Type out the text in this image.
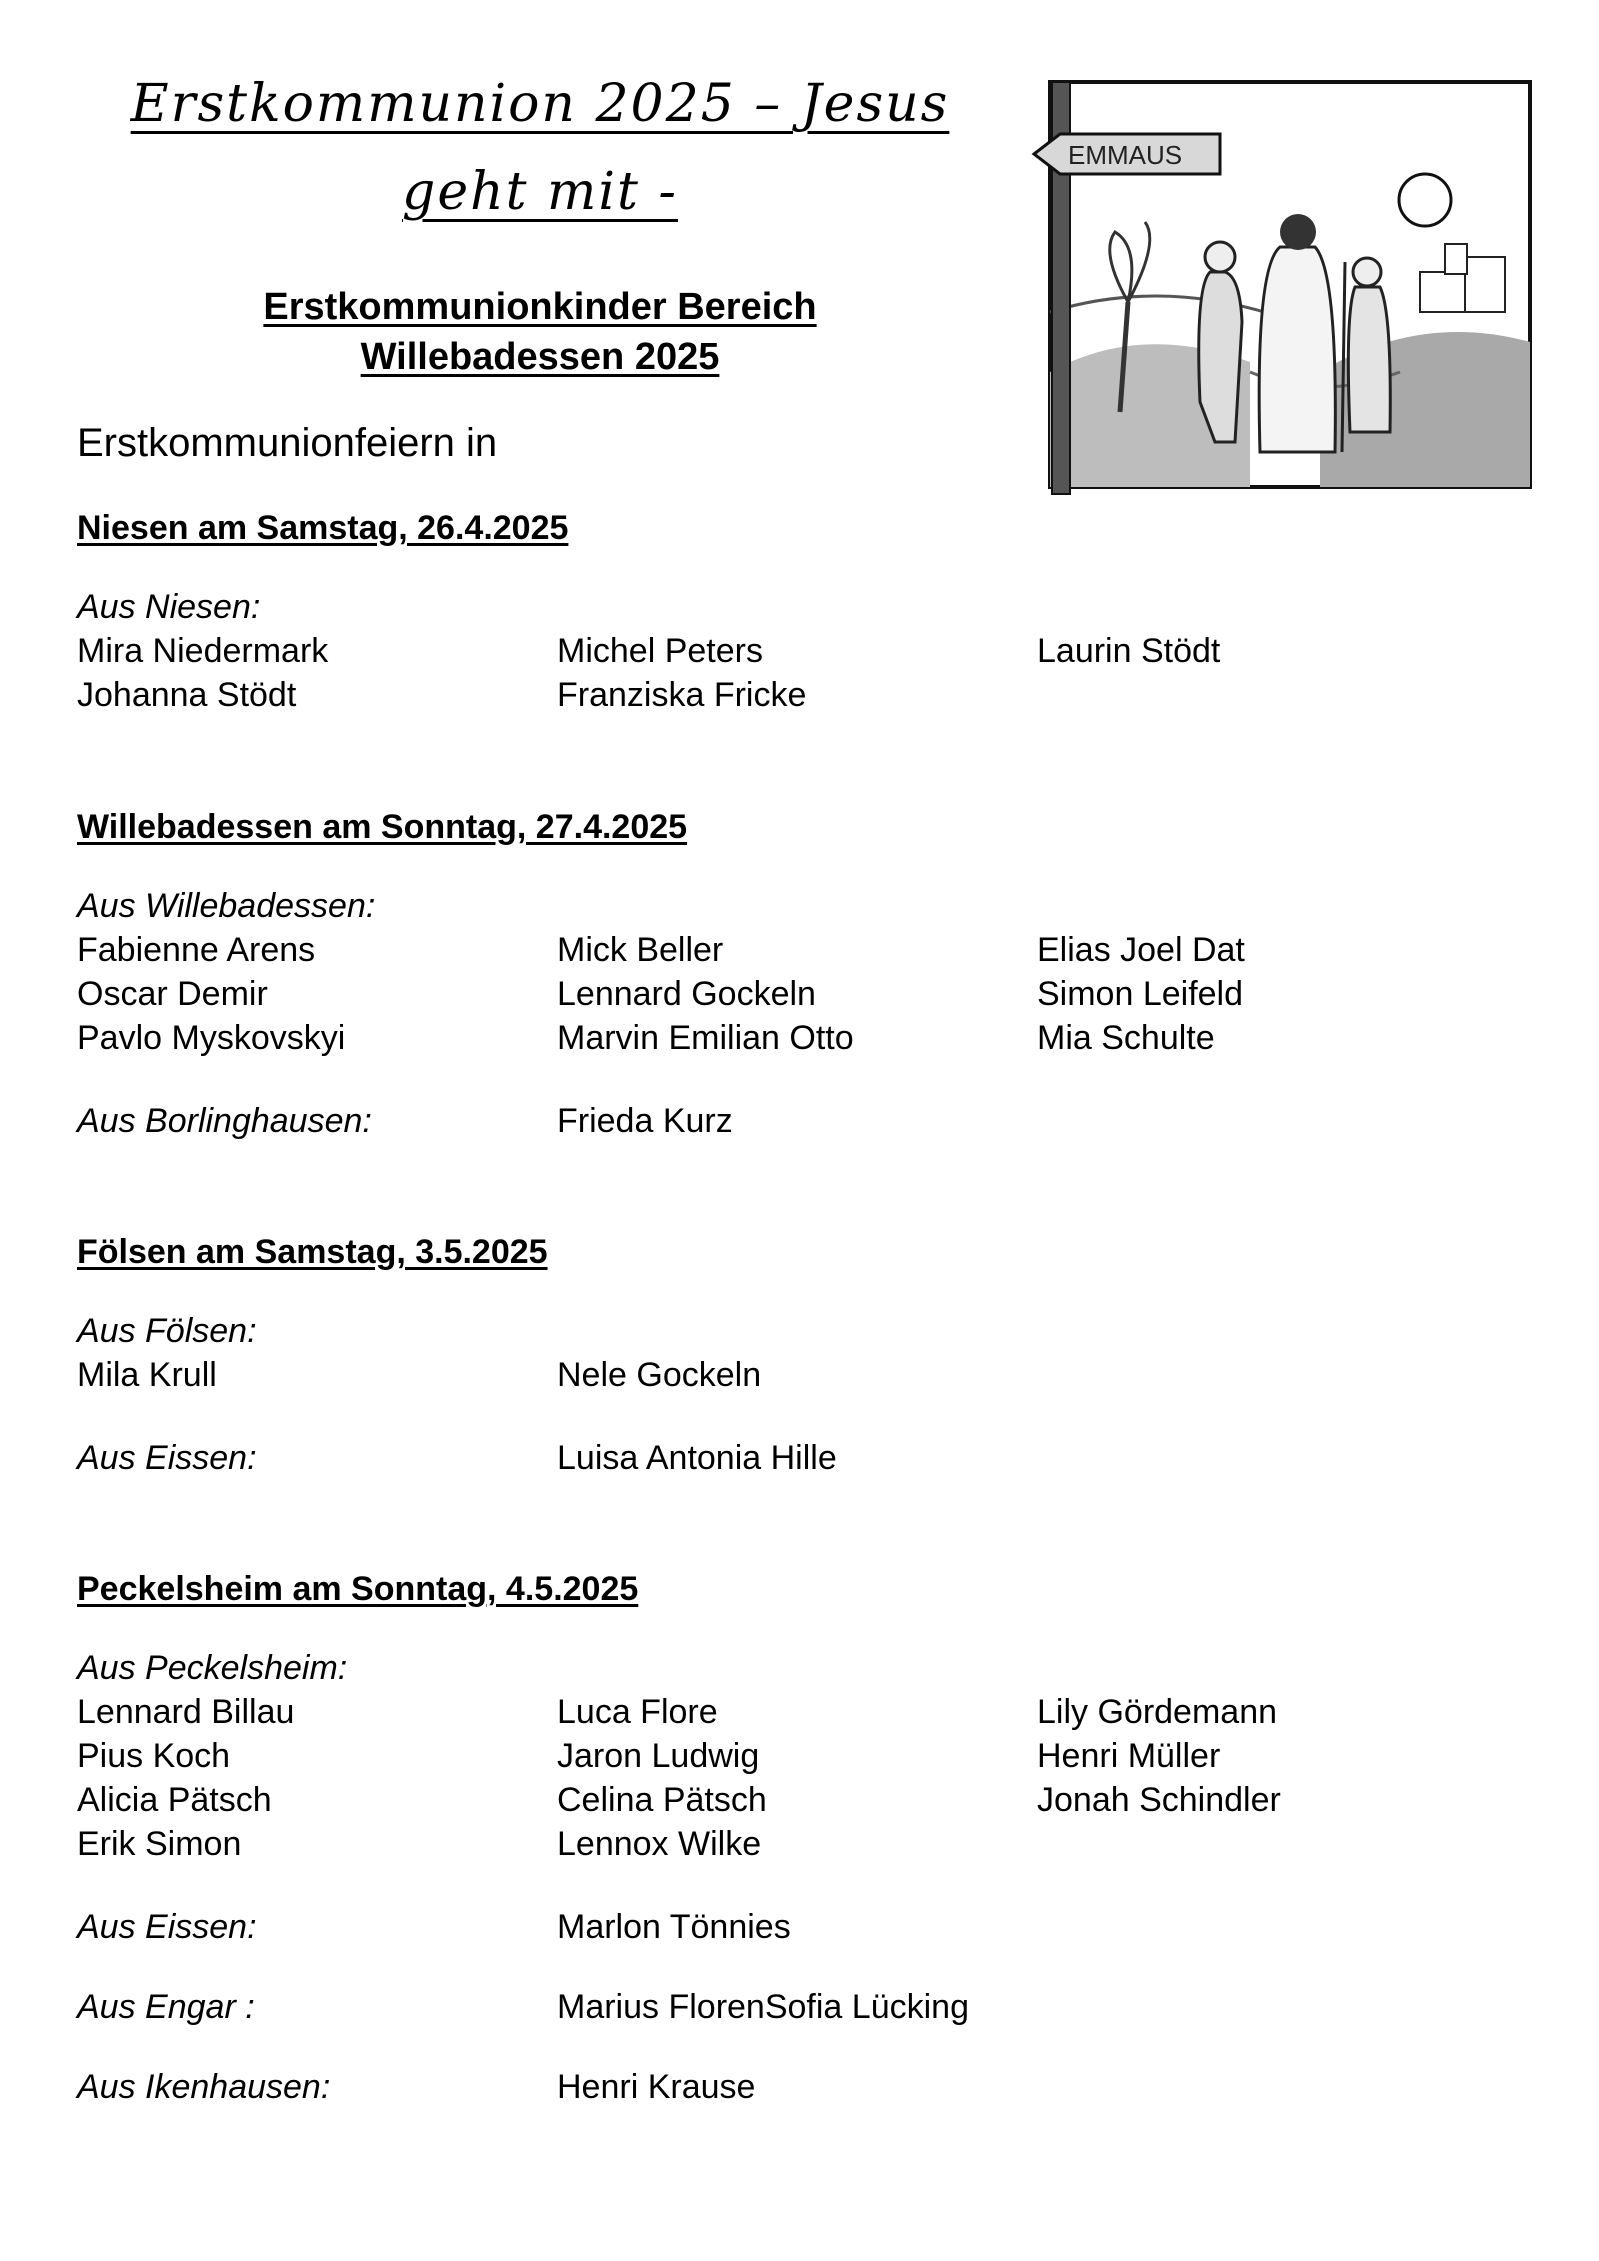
Erstkommunion 2025 – Jesus
geht mit -
Erstkommunionkinder Bereich
Willebadessen 2025
Erstkommunionfeiern in
EMMAUS
Niesen am Samstag, 26.4.2025
Aus Niesen:
Mira Niedermark	Michel Peters	Laurin Stödt
Johanna Stödt	Franziska Fricke
Willebadessen am Sonntag, 27.4.2025
Aus Willebadessen:
Fabienne Arens	Mick Beller	Elias Joel Dat
Oscar Demir	Lennard Gockeln	Simon Leifeld
Pavlo Myskovskyi	Marvin Emilian Otto	Mia Schulte
Aus Borlinghausen:	Frieda Kurz
Fölsen am Samstag, 3.5.2025
Aus Fölsen:
Mila Krull	Nele Gockeln
Aus Eissen:	Luisa Antonia Hille
Peckelsheim am Sonntag, 4.5.2025
Aus Peckelsheim:
Lennard Billau	Luca Flore	Lily Gördemann
Pius Koch	Jaron Ludwig	Henri Müller
Alicia Pätsch	Celina Pätsch	Jonah Schindler
Erik Simon	Lennox Wilke
Aus Eissen:	Marlon Tönnies
Aus Engar :	Marius Floren Sofia Lücking
Aus Ikenhausen:	Henri Krause
